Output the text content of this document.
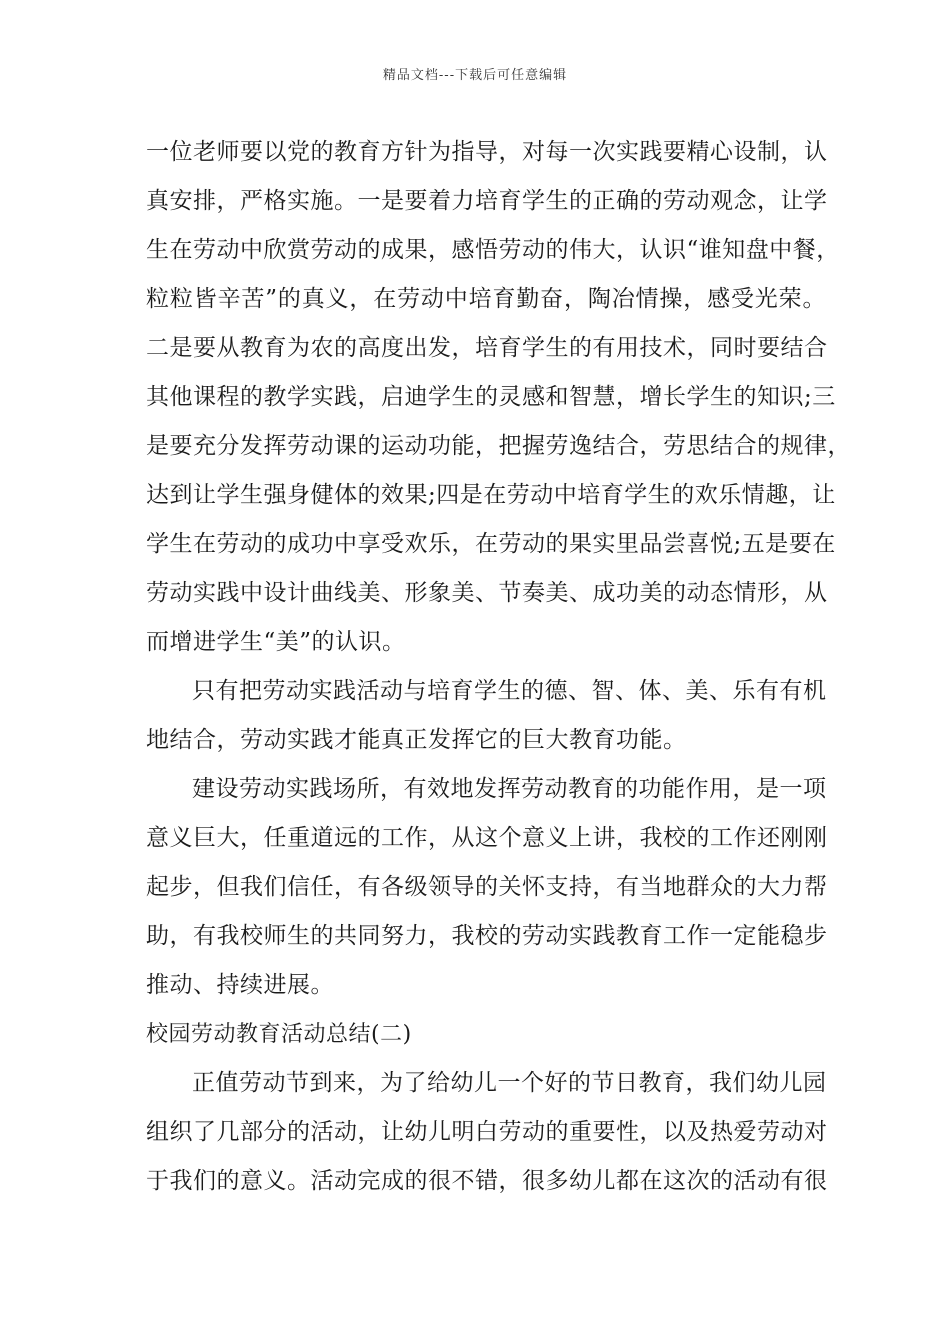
精品文档---下载后可任意编辑
一位老师要以党的教育方针为指导，对每一次实践要精心设制，认
真安排，严格实施。一是要着力培育学生的正确的劳动观念，让学
生在劳动中欣赏劳动的成果，感悟劳动的伟大，认识“谁知盘中餐，
粒粒皆辛苦”的真义，在劳动中培育勤奋，陶冶情操，感受光荣。
二是要从教育为农的高度出发，培育学生的有用技术，同时要结合
其他课程的教学实践，启迪学生的灵感和智慧，增长学生的知识;三
是要充分发挥劳动课的运动功能，把握劳逸结合，劳思结合的规律，
达到让学生强身健体的效果;四是在劳动中培育学生的欢乐情趣，让
学生在劳动的成功中享受欢乐，在劳动的果实里品尝喜悦;五是要在
劳动实践中设计曲线美、形象美、节奏美、成功美的动态情形，从
而增进学生“美”的认识。
只有把劳动实践活动与培育学生的德、智、体、美、乐有有机
地结合，劳动实践才能真正发挥它的巨大教育功能。
建设劳动实践场所，有效地发挥劳动教育的功能作用，是一项
意义巨大，任重道远的工作，从这个意义上讲，我校的工作还刚刚
起步，但我们信任，有各级领导的关怀支持，有当地群众的大力帮
助，有我校师生的共同努力，我校的劳动实践教育工作一定能稳步
推动、持续进展。
校园劳动教育活动总结(二)
正值劳动节到来，为了给幼儿一个好的节日教育，我们幼儿园
组织了几部分的活动，让幼儿明白劳动的重要性，以及热爱劳动对
于我们的意义。活动完成的很不错，很多幼儿都在这次的活动有很
